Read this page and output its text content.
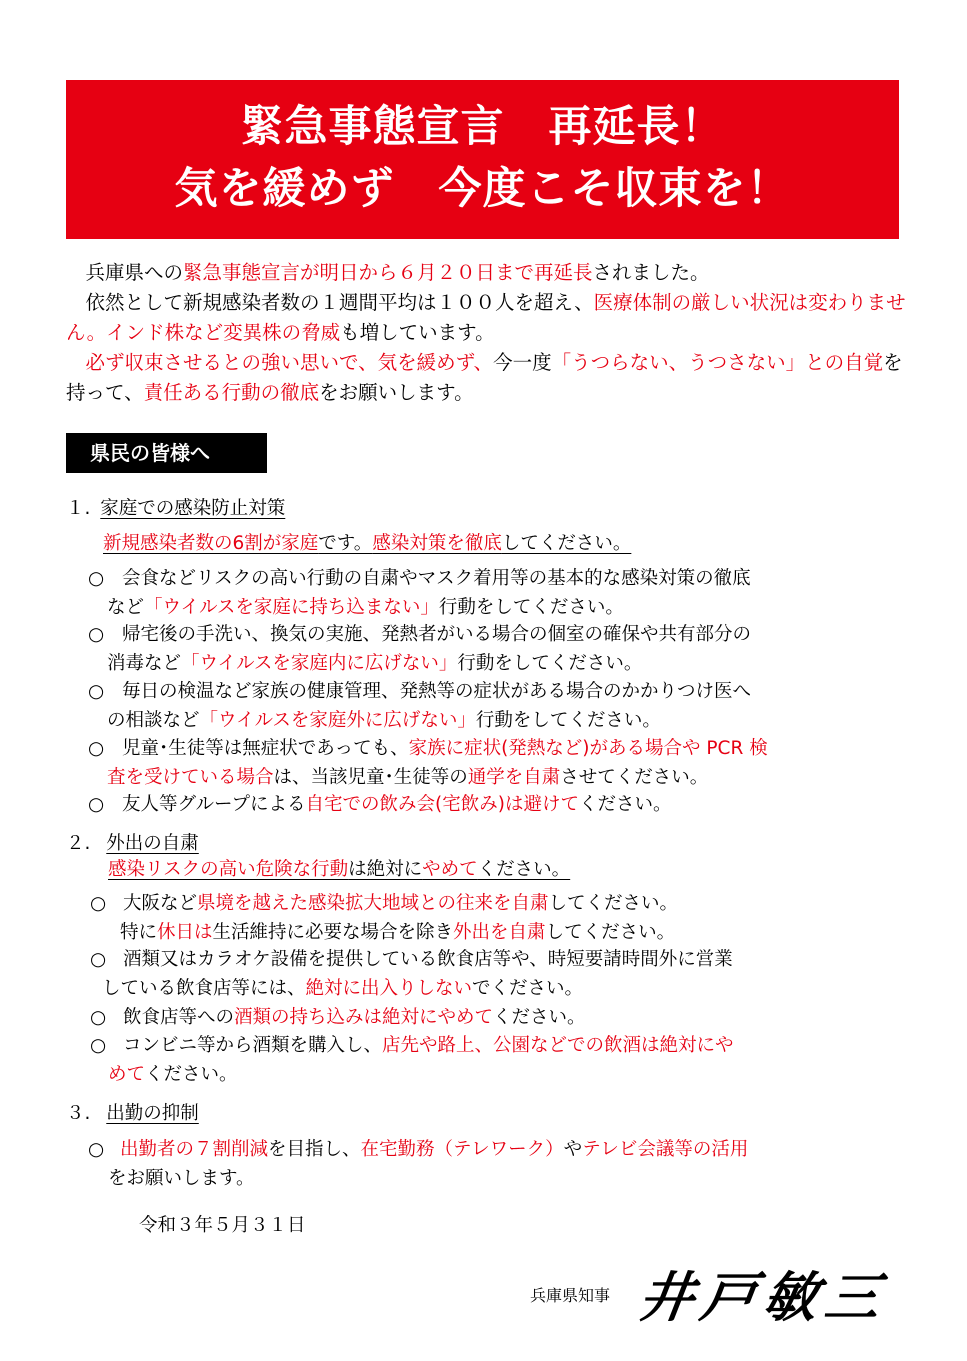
緊急事態宣言　再延長！
気を緩めず　今度こそ収束を！

兵庫県への緊急事態宣言が明日から６月２０日まで再延長されました。

依然として新規感染者数の１週間平均は１００人を超え、医療体制の厳しい状況は変わりません。インド株など変異株の脅威も増しています。

必ず収束させるとの強い思いで、気を緩めず、今一度「うつらない、うつさない」との自覚を持って、責任ある行動の徹底をお願いします。

県民の皆様へ
１. 家庭での感染防止対策
新規感染者数の6割が家庭です。感染対策を徹底してください。
○ 会食などリスクの高い行動の自粛やマスク着用等の基本的な感染対策の徹底
など「ウイルスを家庭に持ち込まない」行動をしてください。
○ 帰宅後の手洗い、換気の実施、発熱者がいる場合の個室の確保や共有部分の
消毒など「ウイルスを家庭内に広げない」行動をしてください。
○ 毎日の検温など家族の健康管理、発熱等の症状がある場合のかかりつけ医へ
の相談など「ウイルスを家庭外に広げない」行動をしてください。
○ 児童･生徒等は無症状であっても、家族に症状(発熱など)がある場合や PCR 検
査を受けている場合は、当該児童･生徒等の通学を自粛させてください。
○ 友人等グループによる自宅での飲み会(宅飲み)は避けてください。
２. 外出の自粛
感染リスクの高い危険な行動は絶対にやめてください。
○ 大阪など県境を越えた感染拡大地域との往来を自粛してください。
特に休日は生活維持に必要な場合を除き外出を自粛してください。
○ 酒類又はカラオケ設備を提供している飲食店等や、時短要請時間外に営業
している飲食店等には、絶対に出入りしないでください。
○ 飲食店等への酒類の持ち込みは絶対にやめてください。
○ コンビニ等から酒類を購入し、店先や路上、公園などでの飲酒は絶対にや
めてください。
３. 出勤の抑制
○ 出勤者の７割削減を目指し、在宅勤務（テレワーク）やテレビ会議等の活用
をお願いします。
令和３年５月３１日
兵庫県知事 井戸敏三
